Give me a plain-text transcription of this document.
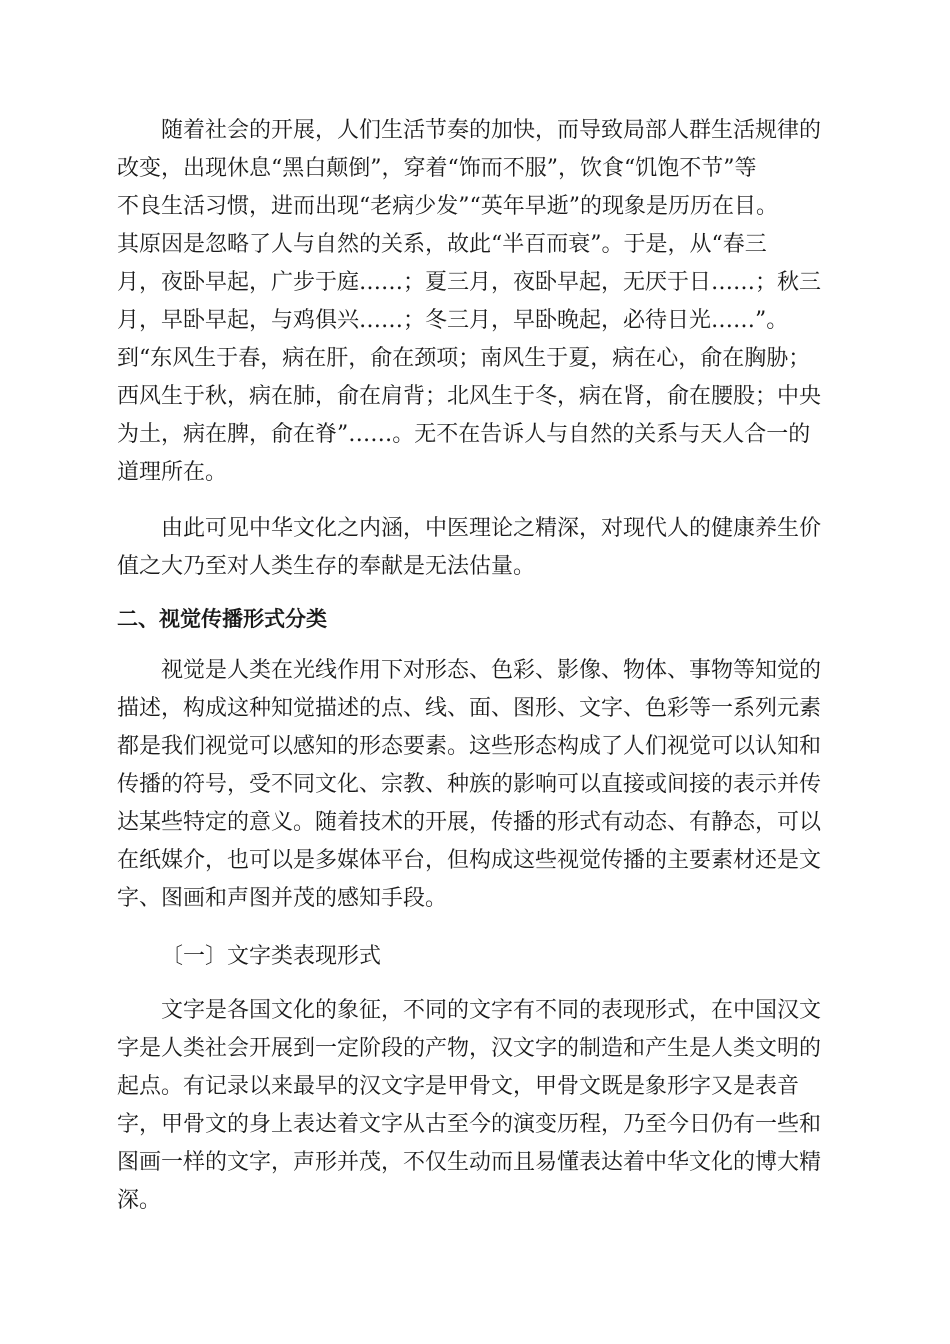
随着社会的开展，人们生活节奏的加快，而导致局部人群生活规律的
改变，出现休息“黑白颠倒”，穿着“饰而不服”，饮食“饥饱不节”等
不良生活习惯，进而出现“老病少发”“英年早逝”的现象是历历在目。
其原因是忽略了人与自然的关系，故此“半百而衰”。于是，从“春三
月，夜卧早起，广步于庭……；夏三月，夜卧早起，无厌于日……；秋三
月，早卧早起，与鸡俱兴……；冬三月，早卧晚起，必待日光……”。
到“东风生于春，病在肝，俞在颈项；南风生于夏，病在心，俞在胸胁；
西风生于秋，病在肺，俞在肩背；北风生于冬，病在肾，俞在腰股；中央
为土，病在脾，俞在脊”……。无不在告诉人与自然的关系与天人合一的
道理所在。
由此可见中华文化之内涵，中医理论之精深，对现代人的健康养生价
值之大乃至对人类生存的奉献是无法估量。
二、视觉传播形式分类
视觉是人类在光线作用下对形态、色彩、影像、物体、事物等知觉的
描述，构成这种知觉描述的点、线、面、图形、文字、色彩等一系列元素
都是我们视觉可以感知的形态要素。这些形态构成了人们视觉可以认知和
传播的符号，受不同文化、宗教、种族的影响可以直接或间接的表示并传
达某些特定的意义。随着技术的开展，传播的形式有动态、有静态，可以
在纸媒介，也可以是多媒体平台，但构成这些视觉传播的主要素材还是文
字、图画和声图并茂的感知手段。
〔一〕文字类表现形式
文字是各国文化的象征，不同的文字有不同的表现形式，在中国汉文
字是人类社会开展到一定阶段的产物，汉文字的制造和产生是人类文明的
起点。有记录以来最早的汉文字是甲骨文，甲骨文既是象形字又是表音
字，甲骨文的身上表达着文字从古至今的演变历程，乃至今日仍有一些和
图画一样的文字，声形并茂，不仅生动而且易懂表达着中华文化的博大精
深。
